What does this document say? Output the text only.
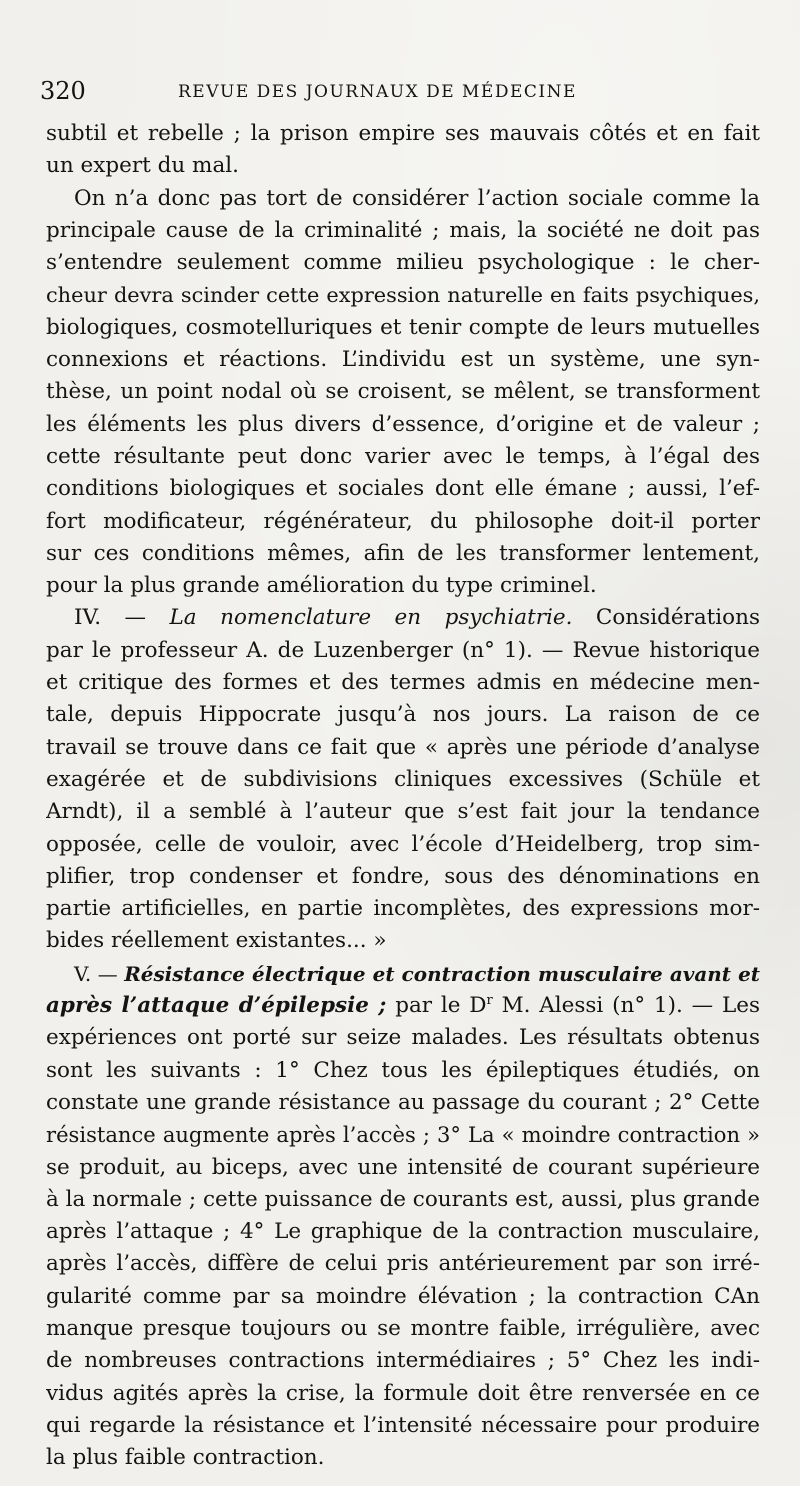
320	REVUE DES JOURNAUX DE MÉDECINE
subtil et rebelle ; la prison empire ses mauvais côtés et en fait
un expert du mal.
On n’a donc pas tort de considérer l’action sociale comme la
principale cause de la criminalité ; mais, la société ne doit pas
s’entendre seulement comme milieu psychologique : le cher-
cheur devra scinder cette expression naturelle en faits psychiques,
biologiques, cosmotelluriques et tenir compte de leurs mutuelles
connexions et réactions. L’individu est un système, une syn-
thèse, un point nodal où se croisent, se mêlent, se transforment
les éléments les plus divers d’essence, d’origine et de valeur ;
cette résultante peut donc varier avec le temps, à l’égal des
conditions biologiques et sociales dont elle émane ; aussi, l’ef-
fort modificateur, régénérateur, du philosophe doit-il porter
sur ces conditions mêmes, afin de les transformer lentement,
pour la plus grande amélioration du type criminel.
IV. — La nomenclature en psychiatrie. Considérations
par le professeur A. de Luzenberger (n° 1). — Revue historique
et critique des formes et des termes admis en médecine men-
tale, depuis Hippocrate jusqu’à nos jours. La raison de ce
travail se trouve dans ce fait que « après une période d’analyse
exagérée et de subdivisions cliniques excessives (Schüle et
Arndt), il a semblé à l’auteur que s’est fait jour la tendance
opposée, celle de vouloir, avec l’école d’Heidelberg, trop sim-
plifier, trop condenser et fondre, sous des dénominations en
partie artificielles, en partie incomplètes, des expressions mor-
bides réellement existantes... »
V. — Résistance électrique et contraction musculaire avant et
après l’attaque d’épilepsie ; par le $D^r$ M. Alessi (n° 1). — Les
expériences ont porté sur seize malades. Les résultats obtenus
sont les suivants : 1° Chez tous les épileptiques étudiés, on
constate une grande résistance au passage du courant ; 2° Cette
résistance augmente après l’accès ; 3° La « moindre contraction »
se produit, au biceps, avec une intensité de courant supérieure
à la normale ; cette puissance de courants est, aussi, plus grande
après l’attaque ; 4° Le graphique de la contraction musculaire,
après l’accès, diffère de celui pris antérieurement par son irré-
gularité comme par sa moindre élévation ; la contraction CAn
manque presque toujours ou se montre faible, irrégulière, avec
de nombreuses contractions intermédiaires ; 5° Chez les indi-
vidus agités après la crise, la formule doit être renversée en ce
qui regarde la résistance et l’intensité nécessaire pour produire
la plus faible contraction.
